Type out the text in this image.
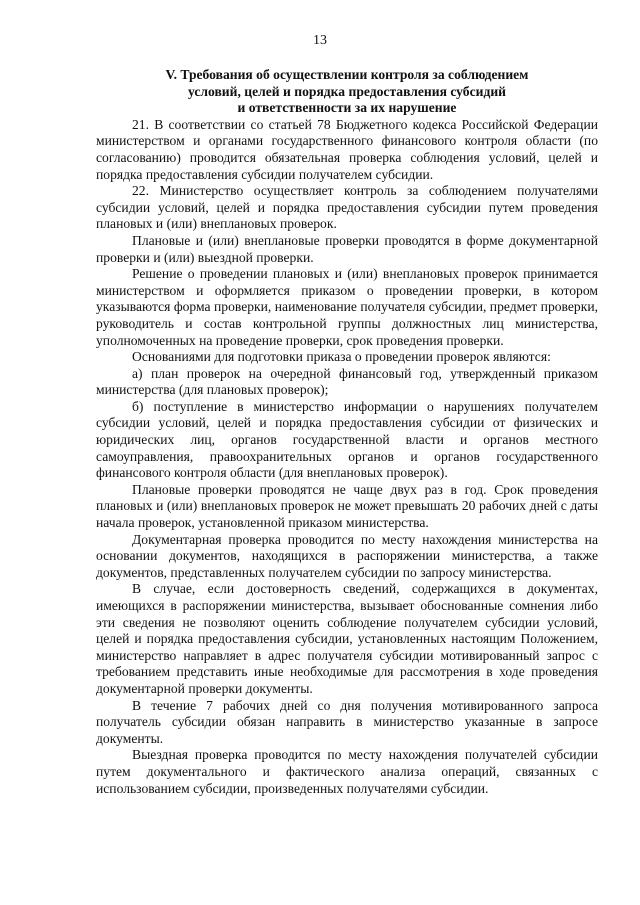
13
V. Требования об осуществлении контроля за соблюдением
условий, целей и порядка предоставления субсидий
и ответственности за их нарушение

21. В соответствии со статьей 78 Бюджетного кодекса Российской Федерации министерством и органами государственного финансового контроля области (по согласованию) проводится обязательная проверка соблюдения условий, целей и порядка предоставления субсидии получателем субсидии.

22. Министерство осуществляет контроль за соблюдением получателями субсидии условий, целей и порядка предоставления субсидии путем проведения плановых и (или) внеплановых проверок.

Плановые и (или) внеплановые проверки проводятся в форме документарной проверки и (или) выездной проверки.

Решение о проведении плановых и (или) внеплановых проверок принимается министерством и оформляется приказом о проведении проверки, в котором указываются форма проверки, наименование получателя субсидии, предмет проверки, руководитель и состав контрольной группы должностных лиц министерства, уполномоченных на проведение проверки, срок проведения проверки.

Основаниями для подготовки приказа о проведении проверок являются:

а) план проверок на очередной финансовый год, утвержденный приказом министерства (для плановых проверок);

б) поступление в министерство информации о нарушениях получателем субсидии условий, целей и порядка предоставления субсидии от физических и юридических лиц, органов государственной власти и органов местного самоуправления, правоохранительных органов и органов государственного финансового контроля области (для внеплановых проверок).

Плановые проверки проводятся не чаще двух раз в год. Срок проведения плановых и (или) внеплановых проверок не может превышать 20 рабочих дней с даты начала проверок, установленной приказом министерства.

Документарная проверка проводится по месту нахождения министерства на основании документов, находящихся в распоряжении министерства, а также документов, представленных получателем субсидии по запросу министерства.

В случае, если достоверность сведений, содержащихся в документах, имеющихся в распоряжении министерства, вызывает обоснованные сомнения либо эти сведения не позволяют оценить соблюдение получателем субсидии условий, целей и порядка предоставления субсидии, установленных настоящим Положением, министерство направляет в адрес получателя субсидии мотивированный запрос с требованием представить иные необходимые для рассмотрения в ходе проведения документарной проверки документы.

В течение 7 рабочих дней со дня получения мотивированного запроса получатель субсидии обязан направить в министерство указанные в запросе документы.

Выездная проверка проводится по месту нахождения получателей субсидии путем документального и фактического анализа операций, связанных с использованием субсидии, произведенных получателями субсидии.
